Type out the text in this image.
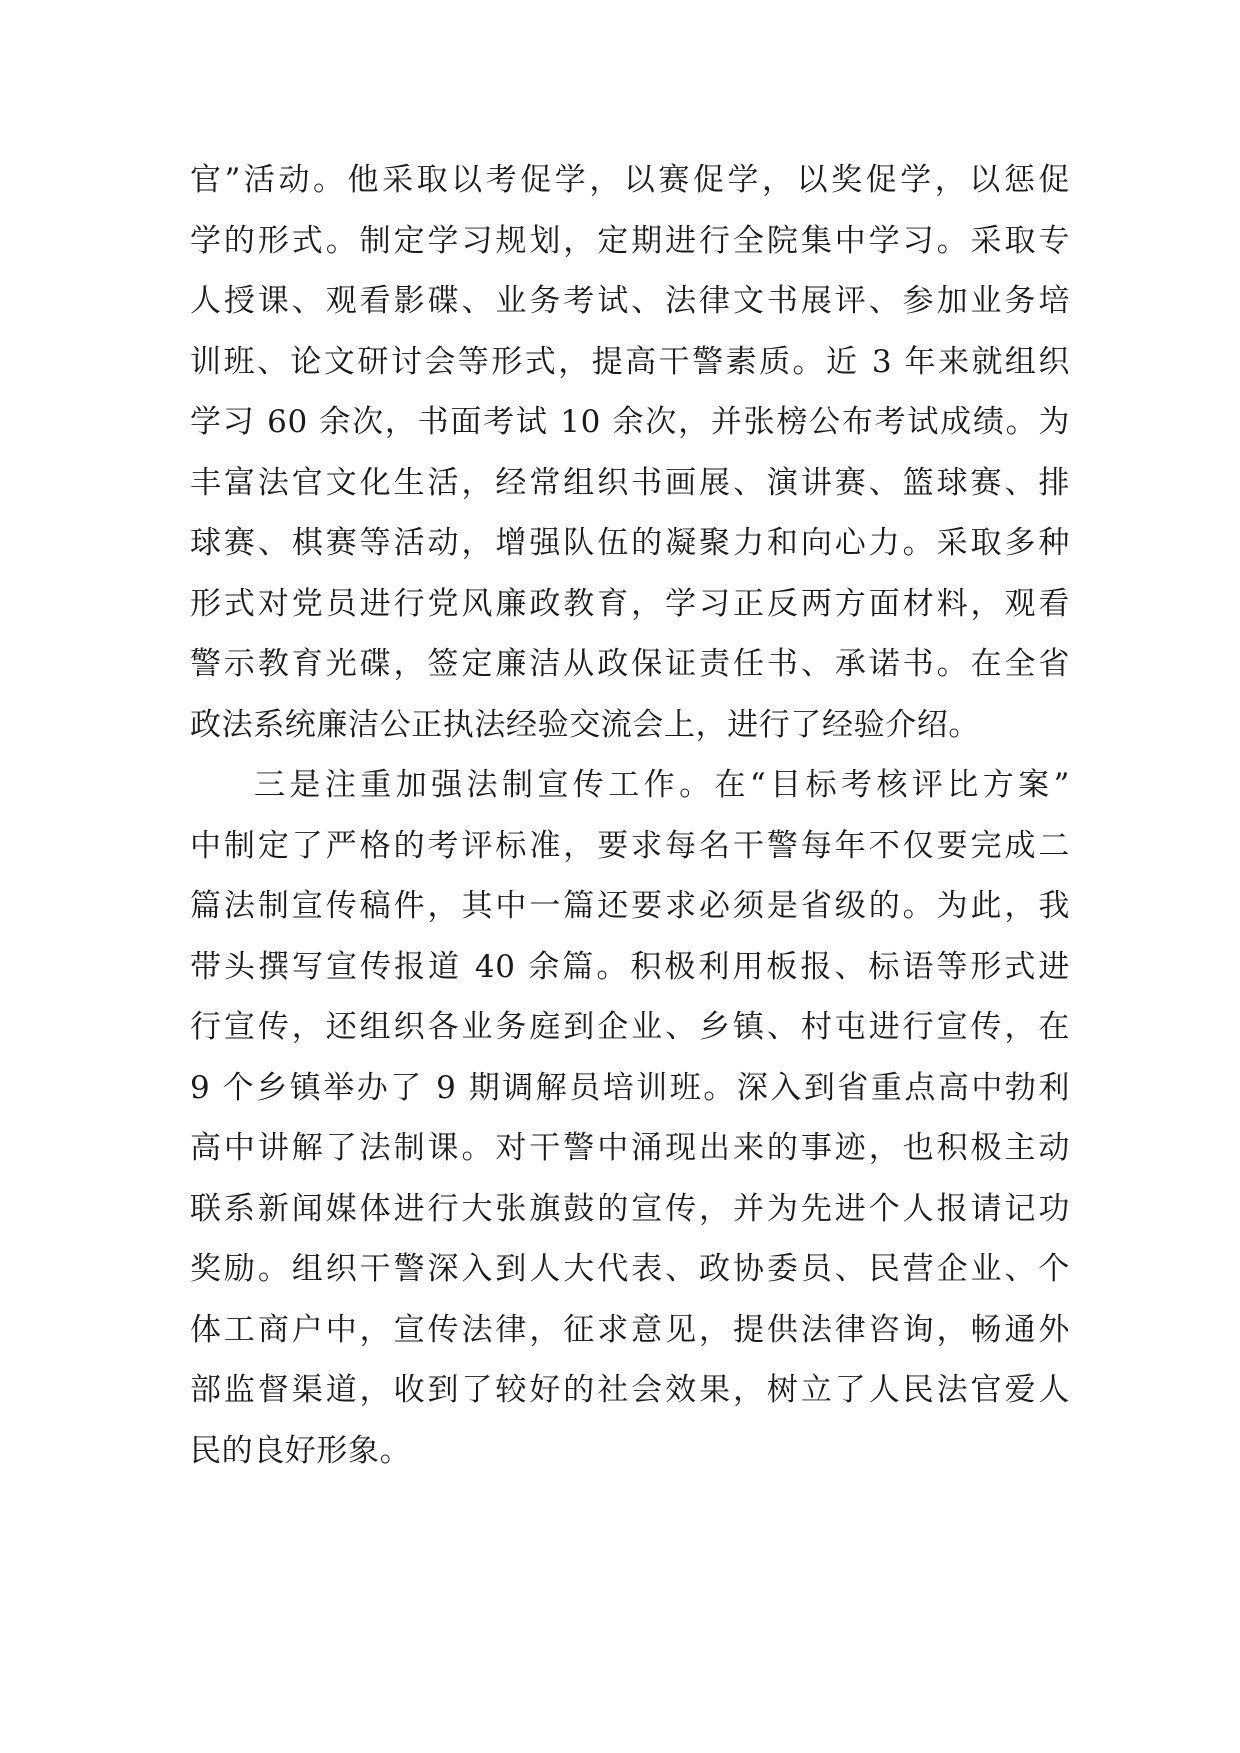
官”活动。他采取以考促学，以赛促学，以奖促学，以惩促
学的形式。制定学习规划，定期进行全院集中学习。采取专
人授课、观看影碟、业务考试、法律文书展评、参加业务培
训班、论文研讨会等形式，提高干警素质。近 3 年来就组织
学习 60 余次，书面考试 10 余次，并张榜公布考试成绩。为
丰富法官文化生活，经常组织书画展、演讲赛、篮球赛、排
球赛、棋赛等活动，增强队伍的凝聚力和向心力。采取多种
形式对党员进行党风廉政教育，学习正反两方面材料，观看
警示教育光碟，签定廉洁从政保证责任书、承诺书。在全省
政法系统廉洁公正执法经验交流会上，进行了经验介绍。
三是注重加强法制宣传工作。在“目标考核评比方案”
中制定了严格的考评标准，要求每名干警每年不仅要完成二
篇法制宣传稿件，其中一篇还要求必须是省级的。为此，我
带头撰写宣传报道 40 余篇。积极利用板报、标语等形式进
行宣传，还组织各业务庭到企业、乡镇、村屯进行宣传，在
9 个乡镇举办了 9 期调解员培训班。深入到省重点高中勃利
高中讲解了法制课。对干警中涌现出来的事迹，也积极主动
联系新闻媒体进行大张旗鼓的宣传，并为先进个人报请记功
奖励。组织干警深入到人大代表、政协委员、民营企业、个
体工商户中，宣传法律，征求意见，提供法律咨询，畅通外
部监督渠道，收到了较好的社会效果，树立了人民法官爱人
民的良好形象。
